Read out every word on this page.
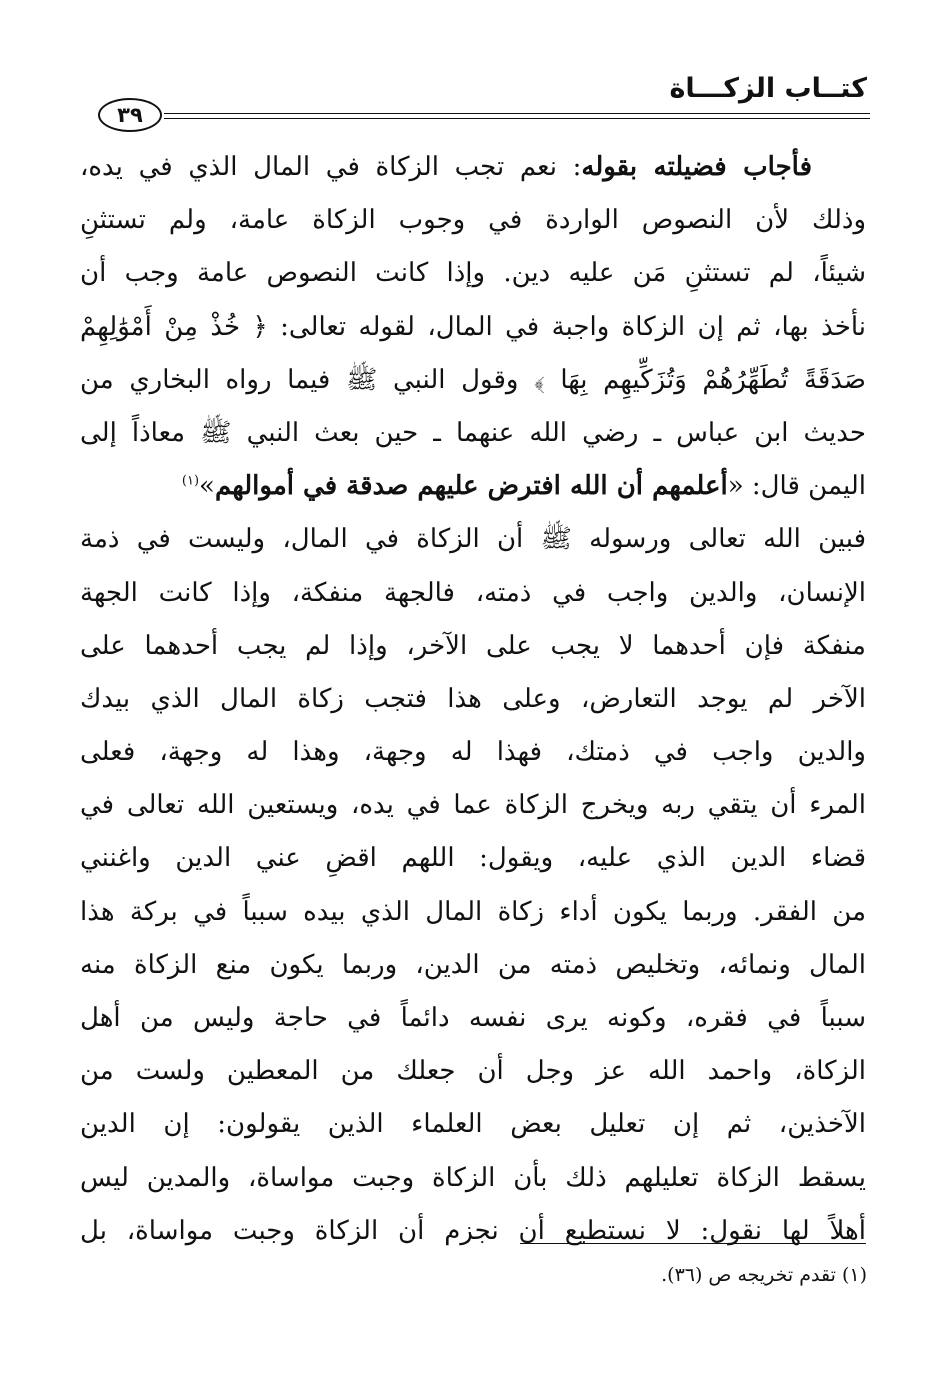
كتــاب الزكـــاة
٣٩
فأجاب فضيلته بقوله: نعم تجب الزكاة في المال الذي في يده،
وذلك لأن النصوص الواردة في وجوب الزكاة عامة، ولم تستثنِ
شيئاً، لم تستثنِ مَن عليه دين. وإذا كانت النصوص عامة وجب أن
نأخذ بها، ثم إن الزكاة واجبة في المال، لقوله تعالى: ﴿ خُذْ مِنْ أَمْوَٰلِهِمْ
صَدَقَةً تُطَهِّرُهُمْ وَتُزَكِّيهِم بِهَا ﴾ وقول النبي ﷺ فيما رواه البخاري من
حديث ابن عباس ـ رضي الله عنهما ـ حين بعث النبي ﷺ معاذاً إلى
اليمن قال: «أعلمهم أن الله افترض عليهم صدقة في أموالهم»$^{(١)}$
فبين الله تعالى ورسوله ﷺ أن الزكاة في المال، وليست في ذمة
الإنسان، والدين واجب في ذمته، فالجهة منفكة، وإذا كانت الجهة
منفكة فإن أحدهما لا يجب على الآخر، وإذا لم يجب أحدهما على
الآخر لم يوجد التعارض، وعلى هذا فتجب زكاة المال الذي بيدك
والدين واجب في ذمتك، فهذا له وجهة، وهذا له وجهة، فعلى
المرء أن يتقي ربه ويخرج الزكاة عما في يده، ويستعين الله تعالى في
قضاء الدين الذي عليه، ويقول: اللهم اقضِ عني الدين واغنني
من الفقر. وربما يكون أداء زكاة المال الذي بيده سبباً في بركة هذا
المال ونمائه، وتخليص ذمته من الدين، وربما يكون منع الزكاة منه
سبباً في فقره، وكونه يرى نفسه دائماً في حاجة وليس من أهل
الزكاة، واحمد الله عز وجل أن جعلك من المعطين ولست من
الآخذين، ثم إن تعليل بعض العلماء الذين يقولون: إن الدين
يسقط الزكاة تعليلهم ذلك بأن الزكاة وجبت مواساة، والمدين ليس
أهلاً لها نقول: لا نستطيع أن نجزم أن الزكاة وجبت مواساة، بل
(١) تقدم تخريجه ص (٣٦).
